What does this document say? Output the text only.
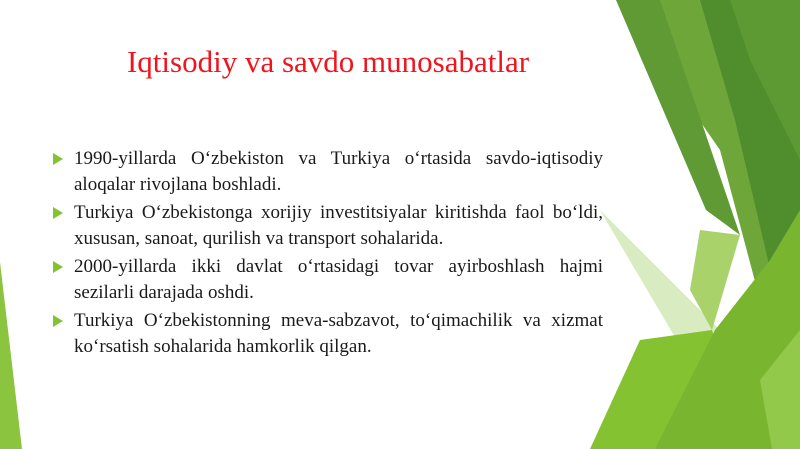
Iqtisodiy va savdo munosabatlar
1990-yillarda O‘zbekiston va Turkiya o‘rtasida savdo-iqtisodiy aloqalar rivojlana boshladi.
Turkiya O‘zbekistonga xorijiy investitsiyalar kiritishda faol bo‘ldi, xususan, sanoat, qurilish va transport sohalarida.
2000-yillarda ikki davlat o‘rtasidagi tovar ayirboshlash hajmi sezilarli darajada oshdi.
Turkiya O‘zbekistonning meva-sabzavot, to‘qimachilik va xizmat ko‘rsatish sohalarida hamkorlik qilgan.
